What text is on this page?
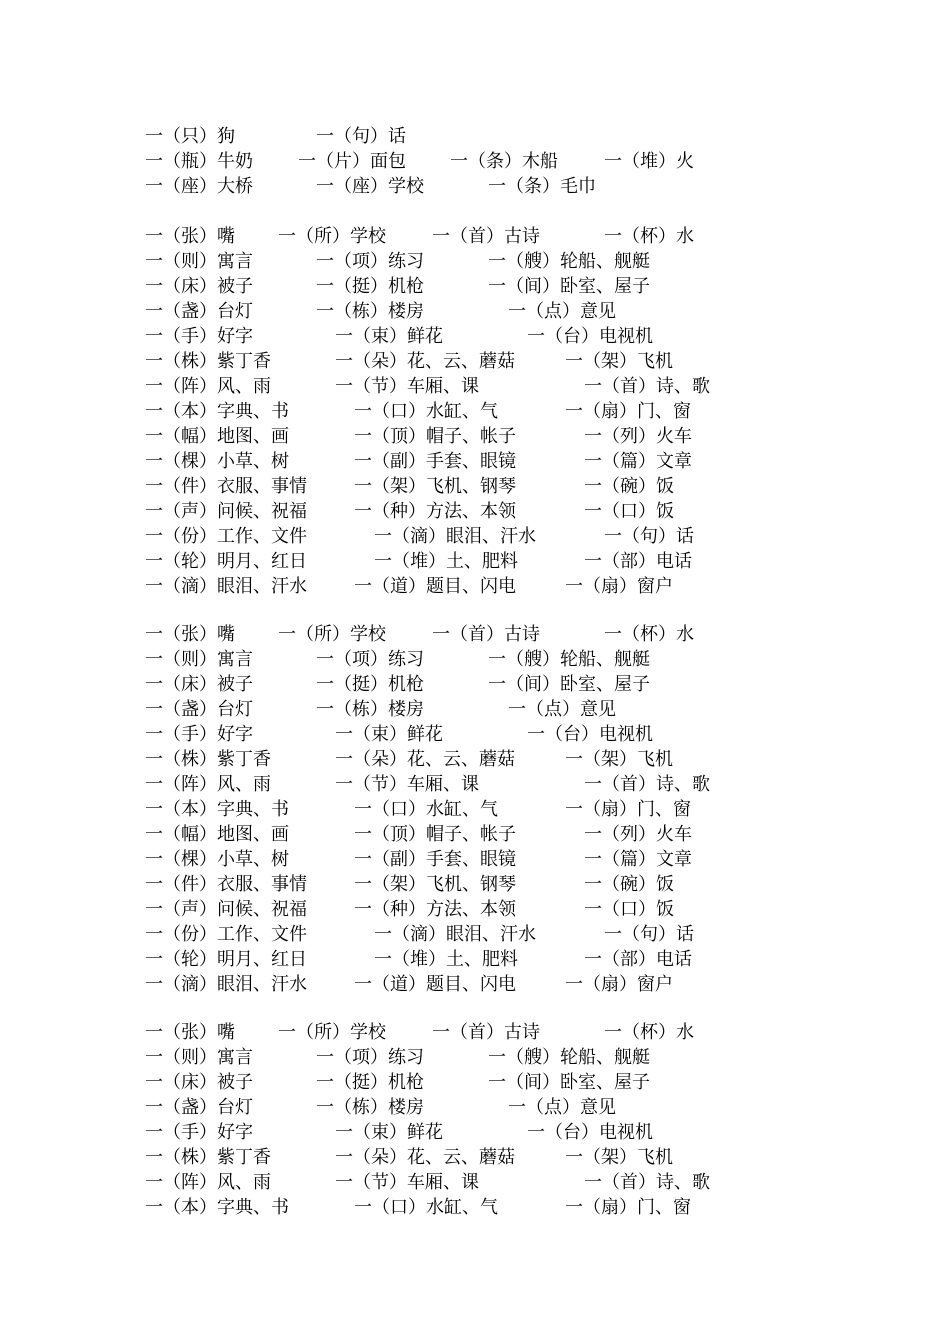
一（只）狗	一（句）话
一（瓶）牛奶	一（片）面包 一（条）木船	一（堆）火
一（座）大桥	一（座）学校	一（条）毛巾
一（张）嘴 一（所）学校	一（首）古诗	一（杯）水
一（则）寓言	一（项）练习	一（艘）轮船、舰艇
一（床）被子	一（挺）机枪	一（间）卧室、屋子
一（盏）台灯	一（栋）楼房	一（点）意见
一（手）好字	一（束）鲜花	一（台）电视机
一（株）紫丁香	一（朵）花、云、蘑菇	一（架）飞机
一（阵）风、雨	一（节）车厢、课	一（首）诗、歌
一（本）字典、书	一（口）水缸、气	一（扇）门、窗
一（幅）地图、画	一（顶）帽子、帐子	一（列）火车
一（棵）小草、树	一（副）手套、眼镜	一（篇）文章
一（件）衣服、事情	一（架）飞机、钢琴	一（碗）饭
一（声）问候、祝福	一（种）方法、本领	一（口）饭
一（份）工作、文件	一（滴）眼泪、汗水	一（句）话
一（轮）明月、红日	一（堆）土、肥料	一（部）电话
一（滴）眼泪、汗水	一（道）题目、闪电	一（扇）窗户
一（张）嘴 一（所）学校	一（首）古诗	一（杯）水
一（则）寓言	一（项）练习	一（艘）轮船、舰艇
一（床）被子	一（挺）机枪	一（间）卧室、屋子
一（盏）台灯	一（栋）楼房	一（点）意见
一（手）好字	一（束）鲜花	一（台）电视机
一（株）紫丁香	一（朵）花、云、蘑菇	一（架）飞机
一（阵）风、雨	一（节）车厢、课	一（首）诗、歌
一（本）字典、书	一（口）水缸、气	一（扇）门、窗
一（幅）地图、画	一（顶）帽子、帐子	一（列）火车
一（棵）小草、树	一（副）手套、眼镜	一（篇）文章
一（件）衣服、事情	一（架）飞机、钢琴	一（碗）饭
一（声）问候、祝福	一（种）方法、本领	一（口）饭
一（份）工作、文件	一（滴）眼泪、汗水	一（句）话
一（轮）明月、红日	一（堆）土、肥料	一（部）电话
一（滴）眼泪、汗水	一（道）题目、闪电	一（扇）窗户
一（张）嘴 一（所）学校	一（首）古诗	一（杯）水
一（则）寓言	一（项）练习	一（艘）轮船、舰艇
一（床）被子	一（挺）机枪	一（间）卧室、屋子
一（盏）台灯	一（栋）楼房	一（点）意见
一（手）好字	一（束）鲜花	一（台）电视机
一（株）紫丁香	一（朵）花、云、蘑菇	一（架）飞机
一（阵）风、雨	一（节）车厢、课	一（首）诗、歌
一（本）字典、书	一（口）水缸、气	一（扇）门、窗
